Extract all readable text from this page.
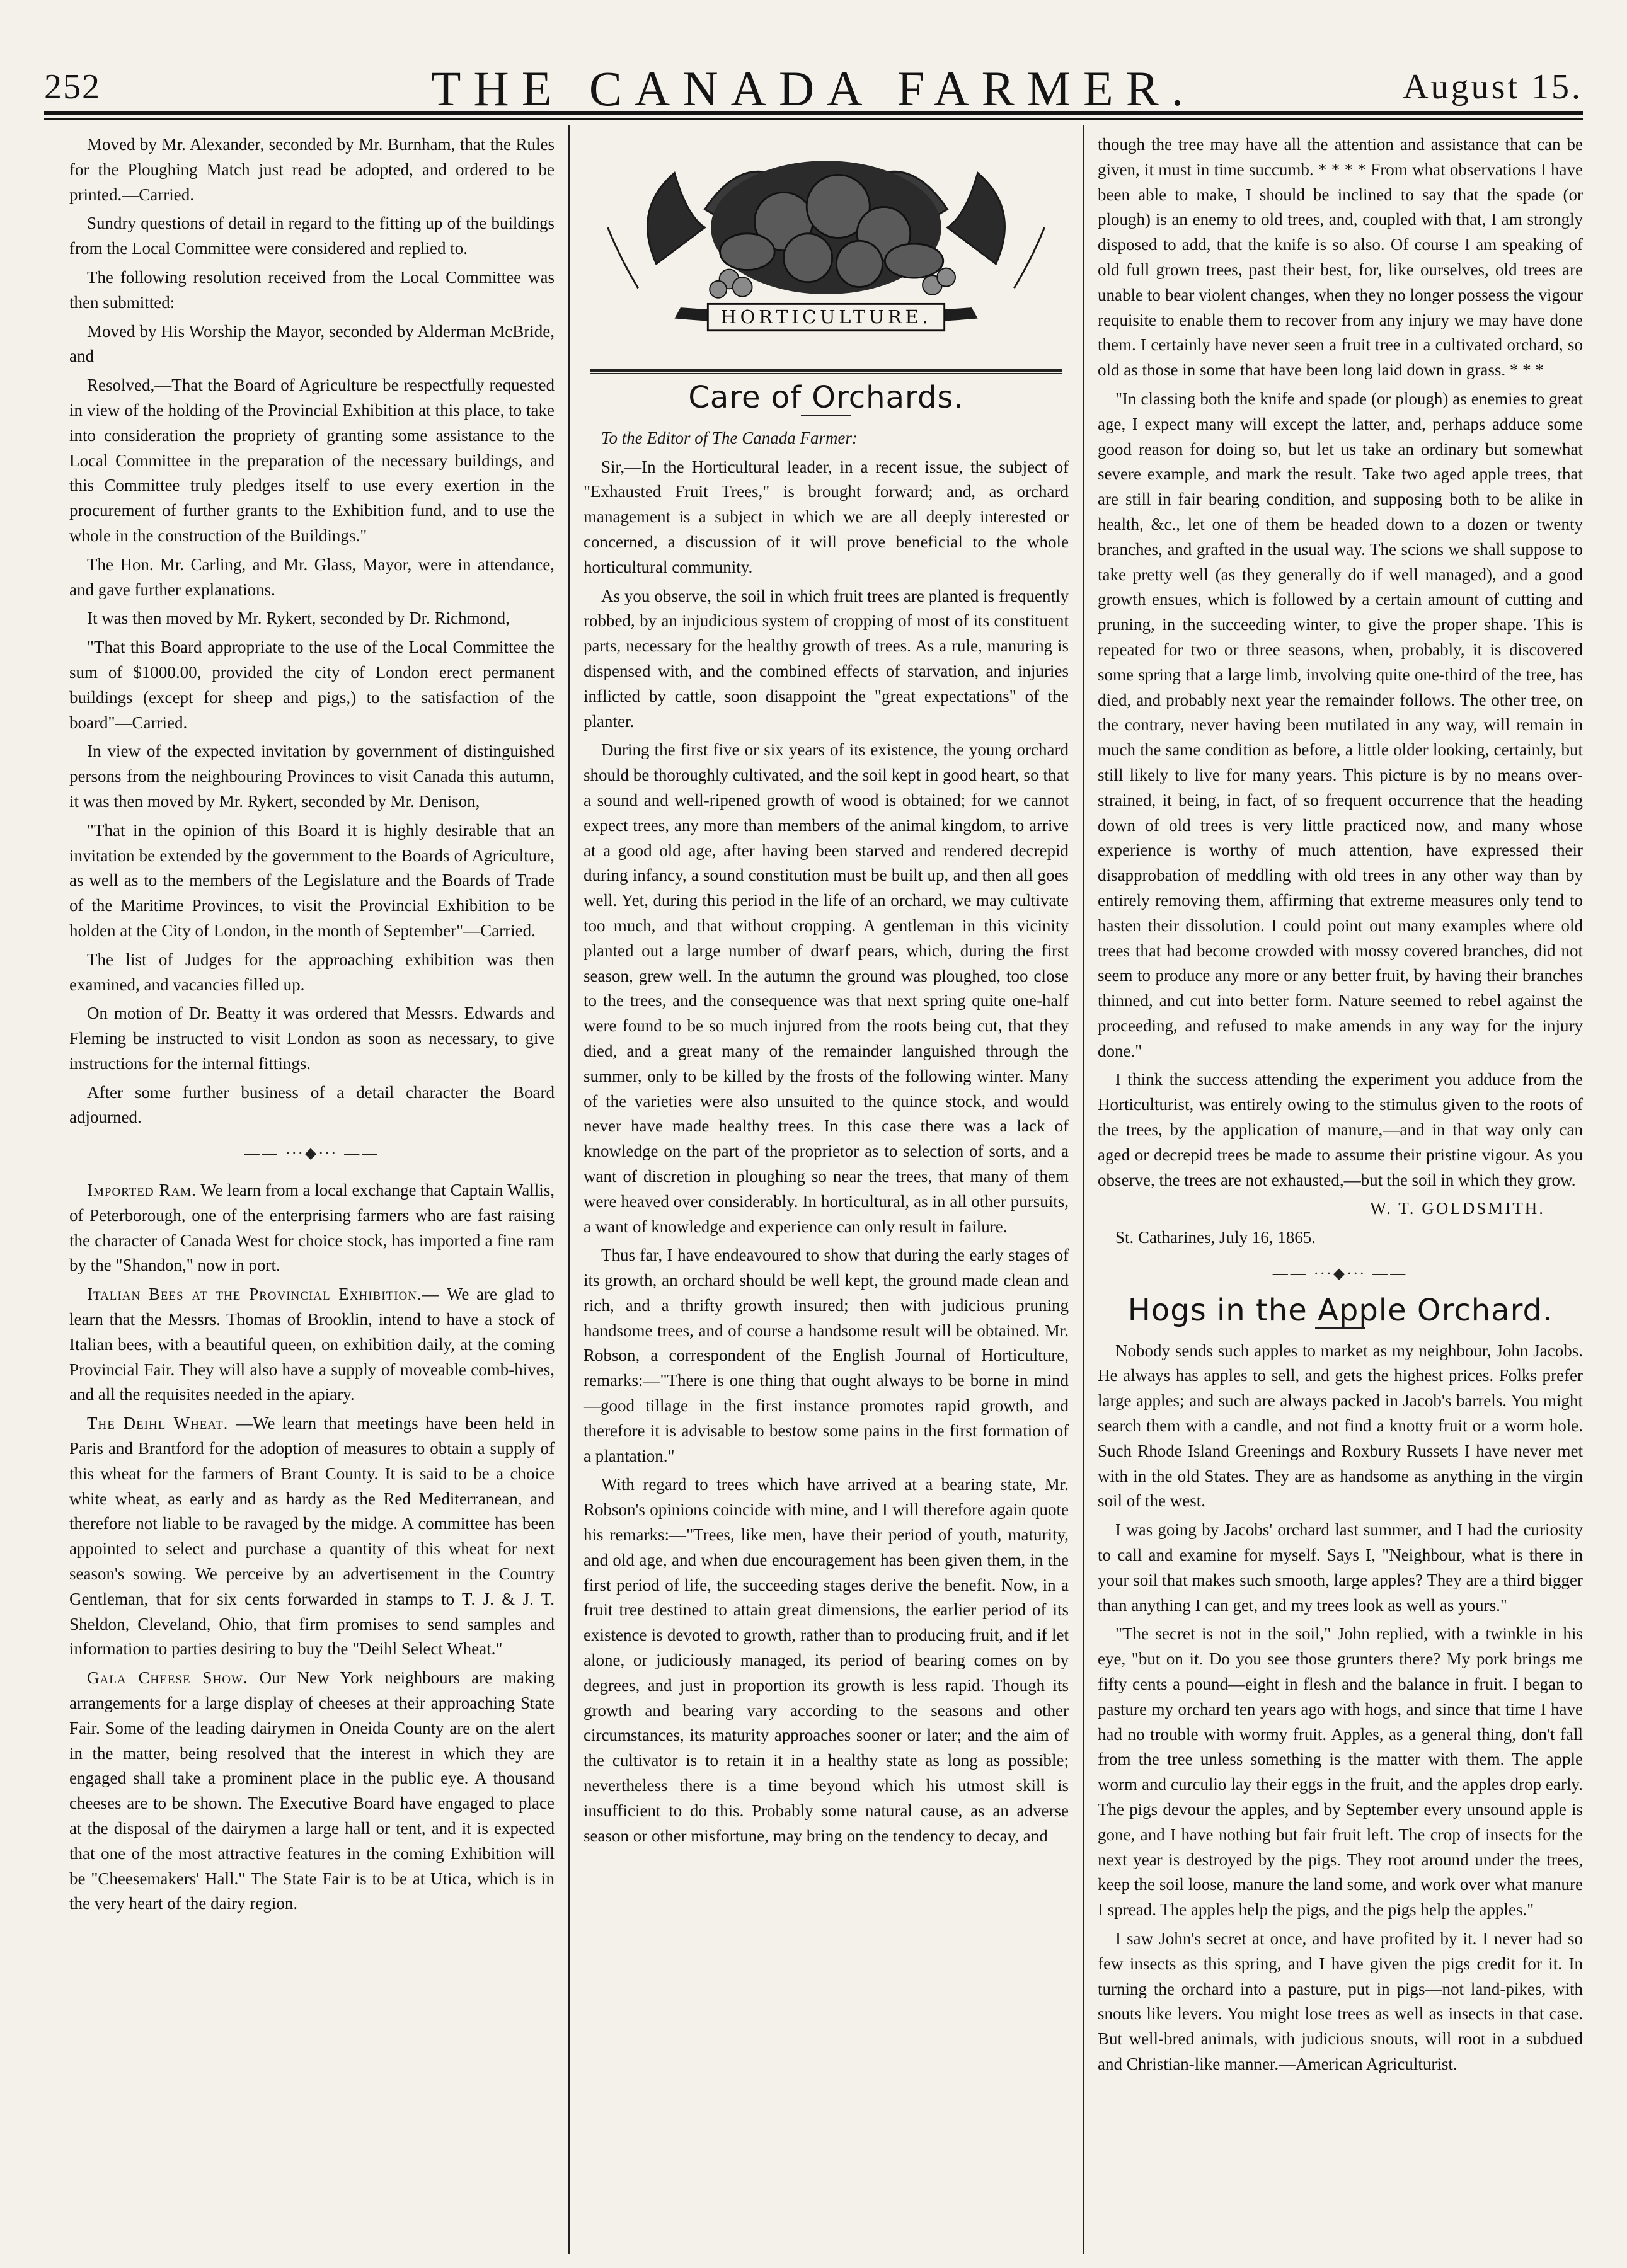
252	THE CANADA FARMER.	August 15.

Moved by Mr. Alexander, seconded by Mr. Burnham, that the Rules for the Ploughing Match just read be adopted, and ordered to be printed.—Carried.

Sundry questions of detail in regard to the fitting up of the buildings from the Local Committee were considered and replied to.

The following resolution received from the Local Committee was then submitted:

Moved by His Worship the Mayor, seconded by Alderman McBride, and

Resolved,—That the Board of Agriculture be respectfully requested in view of the holding of the Provincial Exhibition at this place, to take into consideration the propriety of granting some assistance to the Local Committee in the preparation of the necessary buildings, and this Committee truly pledges itself to use every exertion in the procurement of further grants to the Exhibition fund, and to use the whole in the construction of the Buildings."

The Hon. Mr. Carling, and Mr. Glass, Mayor, were in attendance, and gave further explanations.

It was then moved by Mr. Rykert, seconded by Dr. Richmond,

"That this Board appropriate to the use of the Local Committee the sum of $1000.00, provided the city of London erect permanent buildings (except for sheep and pigs,) to the satisfaction of the board"—Carried.

In view of the expected invitation by government of distinguished persons from the neighbouring Provinces to visit Canada this autumn, it was then moved by Mr. Rykert, seconded by Mr. Denison,

"That in the opinion of this Board it is highly desirable that an invitation be extended by the government to the Boards of Agriculture, as well as to the members of the Legislature and the Boards of Trade of the Maritime Provinces, to visit the Provincial Exhibition to be holden at the City of London, in the month of September"—Carried.

The list of Judges for the approaching exhibition was then examined, and vacancies filled up.

On motion of Dr. Beatty it was ordered that Messrs. Edwards and Fleming be instructed to visit London as soon as necessary, to give instructions for the internal fittings.

After some further business of a detail character the Board adjourned.

—— ∙∙∙◆∙∙∙ ——

Imported Ram. We learn from a local exchange that Captain Wallis, of Peterborough, one of the enterprising farmers who are fast raising the character of Canada West for choice stock, has imported a fine ram by the "Shandon," now in port.

Italian Bees at the Provincial Exhibition.— We are glad to learn that the Messrs. Thomas of Brooklin, intend to have a stock of Italian bees, with a beautiful queen, on exhibition daily, at the coming Provincial Fair. They will also have a supply of moveable comb-hives, and all the requisites needed in the apiary.

The Deihl Wheat. —We learn that meetings have been held in Paris and Brantford for the adoption of measures to obtain a supply of this wheat for the farmers of Brant County. It is said to be a choice white wheat, as early and as hardy as the Red Mediterranean, and therefore not liable to be ravaged by the midge. A committee has been appointed to select and purchase a quantity of this wheat for next season's sowing. We perceive by an advertisement in the Country Gentleman, that for six cents forwarded in stamps to T. J. & J. T. Sheldon, Cleveland, Ohio, that firm promises to send samples and information to parties desiring to buy the "Deihl Select Wheat."

Gala Cheese Show. Our New York neighbours are making arrangements for a large display of cheeses at their approaching State Fair. Some of the leading dairymen in Oneida County are on the alert in the matter, being resolved that the interest in which they are engaged shall take a prominent place in the public eye. A thousand cheeses are to be shown. The Executive Board have engaged to place at the disposal of the dairymen a large hall or tent, and it is expected that one of the most attractive features in the coming Exhibition will be "Cheesemakers' Hall." The State Fair is to be at Utica, which is in the very heart of the dairy region.

HORTICULTURE.
Care of Orchards.

To the Editor of The Canada Farmer:

Sir,—In the Horticultural leader, in a recent issue, the subject of "Exhausted Fruit Trees," is brought forward; and, as orchard management is a subject in which we are all deeply interested or concerned, a discussion of it will prove beneficial to the whole horticultural community.

As you observe, the soil in which fruit trees are planted is frequently robbed, by an injudicious system of cropping of most of its constituent parts, necessary for the healthy growth of trees. As a rule, manuring is dispensed with, and the combined effects of starvation, and injuries inflicted by cattle, soon disappoint the "great expectations" of the planter.

During the first five or six years of its existence, the young orchard should be thoroughly cultivated, and the soil kept in good heart, so that a sound and well-ripened growth of wood is obtained; for we cannot expect trees, any more than members of the animal kingdom, to arrive at a good old age, after having been starved and rendered decrepid during infancy, a sound constitution must be built up, and then all goes well. Yet, during this period in the life of an orchard, we may cultivate too much, and that without cropping. A gentleman in this vicinity planted out a large number of dwarf pears, which, during the first season, grew well. In the autumn the ground was ploughed, too close to the trees, and the consequence was that next spring quite one-half were found to be so much injured from the roots being cut, that they died, and a great many of the remainder languished through the summer, only to be killed by the frosts of the following winter. Many of the varieties were also unsuited to the quince stock, and would never have made healthy trees. In this case there was a lack of knowledge on the part of the proprietor as to selection of sorts, and a want of discretion in ploughing so near the trees, that many of them were heaved over considerably. In horticultural, as in all other pursuits, a want of knowledge and experience can only result in failure.

Thus far, I have endeavoured to show that during the early stages of its growth, an orchard should be well kept, the ground made clean and rich, and a thrifty growth insured; then with judicious pruning handsome trees, and of course a handsome result will be obtained. Mr. Robson, a correspondent of the English Journal of Horticulture, remarks:—"There is one thing that ought always to be borne in mind —good tillage in the first instance promotes rapid growth, and therefore it is advisable to bestow some pains in the first formation of a plantation."

With regard to trees which have arrived at a bearing state, Mr. Robson's opinions coincide with mine, and I will therefore again quote his remarks:—"Trees, like men, have their period of youth, maturity, and old age, and when due encouragement has been given them, in the first period of life, the succeeding stages derive the benefit. Now, in a fruit tree destined to attain great dimensions, the earlier period of its existence is devoted to growth, rather than to producing fruit, and if let alone, or judiciously managed, its period of bearing comes on by degrees, and just in proportion its growth is less rapid. Though its growth and bearing vary according to the seasons and other circumstances, its maturity approaches sooner or later; and the aim of the cultivator is to retain it in a healthy state as long as possible; nevertheless there is a time beyond which his utmost skill is insufficient to do this. Probably some natural cause, as an adverse season or other misfortune, may bring on the tendency to decay, and

though the tree may have all the attention and assistance that can be given, it must in time succumb. * * * * From what observations I have been able to make, I should be inclined to say that the spade (or plough) is an enemy to old trees, and, coupled with that, I am strongly disposed to add, that the knife is so also. Of course I am speaking of old full grown trees, past their best, for, like ourselves, old trees are unable to bear violent changes, when they no longer possess the vigour requisite to enable them to recover from any injury we may have done them. I certainly have never seen a fruit tree in a cultivated orchard, so old as those in some that have been long laid down in grass. * * *

"In classing both the knife and spade (or plough) as enemies to great age, I expect many will except the latter, and, perhaps adduce some good reason for doing so, but let us take an ordinary but somewhat severe example, and mark the result. Take two aged apple trees, that are still in fair bearing condition, and supposing both to be alike in health, &c., let one of them be headed down to a dozen or twenty branches, and grafted in the usual way. The scions we shall suppose to take pretty well (as they generally do if well managed), and a good growth ensues, which is followed by a certain amount of cutting and pruning, in the succeeding winter, to give the proper shape. This is repeated for two or three seasons, when, probably, it is discovered some spring that a large limb, involving quite one-third of the tree, has died, and probably next year the remainder follows. The other tree, on the contrary, never having been mutilated in any way, will remain in much the same condition as before, a little older looking, certainly, but still likely to live for many years. This picture is by no means over-strained, it being, in fact, of so frequent occurrence that the heading down of old trees is very little practiced now, and many whose experience is worthy of much attention, have expressed their disapprobation of meddling with old trees in any other way than by entirely removing them, affirming that extreme measures only tend to hasten their dissolution. I could point out many examples where old trees that had become crowded with mossy covered branches, did not seem to produce any more or any better fruit, by having their branches thinned, and cut into better form. Nature seemed to rebel against the proceeding, and refused to make amends in any way for the injury done."

I think the success attending the experiment you adduce from the Horticulturist, was entirely owing to the stimulus given to the roots of the trees, by the application of manure,—and in that way only can aged or decrepid trees be made to assume their pristine vigour. As you observe, the trees are not exhausted,—but the soil in which they grow.

W. T. GOLDSMITH.

St. Catharines, July 16, 1865.

—— ∙∙∙◆∙∙∙ ——
Hogs in the Apple Orchard.

Nobody sends such apples to market as my neighbour, John Jacobs. He always has apples to sell, and gets the highest prices. Folks prefer large apples; and such are always packed in Jacob's barrels. You might search them with a candle, and not find a knotty fruit or a worm hole. Such Rhode Island Greenings and Roxbury Russets I have never met with in the old States. They are as handsome as anything in the virgin soil of the west.

I was going by Jacobs' orchard last summer, and I had the curiosity to call and examine for myself. Says I, "Neighbour, what is there in your soil that makes such smooth, large apples? They are a third bigger than anything I can get, and my trees look as well as yours."

"The secret is not in the soil," John replied, with a twinkle in his eye, "but on it. Do you see those grunters there? My pork brings me fifty cents a pound—eight in flesh and the balance in fruit. I began to pasture my orchard ten years ago with hogs, and since that time I have had no trouble with wormy fruit. Apples, as a general thing, don't fall from the tree unless something is the matter with them. The apple worm and curculio lay their eggs in the fruit, and the apples drop early. The pigs devour the apples, and by September every unsound apple is gone, and I have nothing but fair fruit left. The crop of insects for the next year is destroyed by the pigs. They root around under the trees, keep the soil loose, manure the land some, and work over what manure I spread. The apples help the pigs, and the pigs help the apples."

I saw John's secret at once, and have profited by it. I never had so few insects as this spring, and I have given the pigs credit for it. In turning the orchard into a pasture, put in pigs—not land-pikes, with snouts like levers. You might lose trees as well as insects in that case. But well-bred animals, with judicious snouts, will root in a subdued and Christian-like manner.—American Agriculturist.
